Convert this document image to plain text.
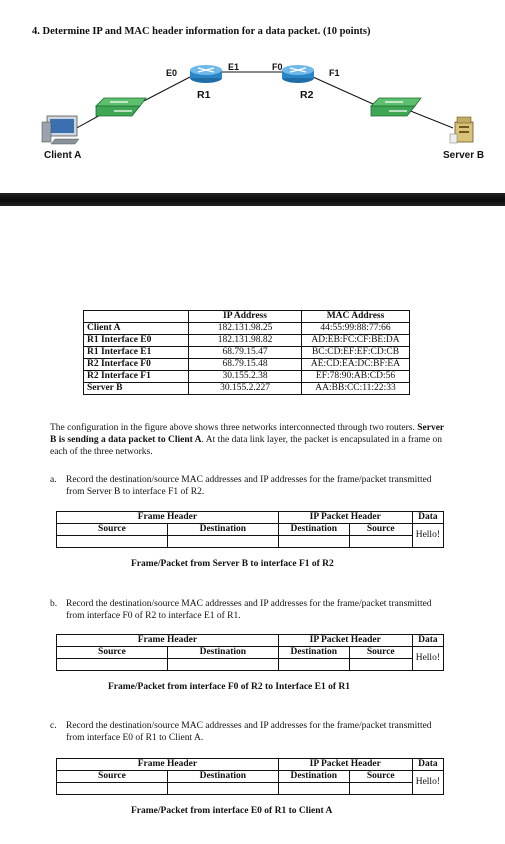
4. Determine IP and MAC header information for a data packet. (10 points)
E0
E1	F0
F1
R1	R2
Client A	Server B
	IP Address	MAC Address
Client A	182.131.98.25	44:55:99:88:77:66
R1 Interface E0	182.131.98.82	AD:EB:FC:CF:BE:DA
R1 Interface E1	68.79.15.47	BC:CD:EF:EF:CD:CB
R2 Interface F0	68.79.15.48	AE:CD:EA:DC:BF:EA
R2 Interface F1	30.155.2.38	EF:78:90:AB:CD:56
Server B	30.155.2.227	AA:BB:CC:11:22:33
The configuration in the figure above shows three networks interconnected through two routers. Server B is sending a data packet to Client A. At the data link layer, the packet is encapsulated in a frame on each of the three networks.
a. Record the destination/source MAC addresses and IP addresses for the frame/packet transmitted from Server B to interface F1 of R2.
Frame Header		IP Packet Header		Data
Source	Destination	Destination	Source	Hello!

Frame/Packet from Server B to interface F1 of R2
b. Record the destination/source MAC addresses and IP addresses for the frame/packet transmitted from interface F0 of R2 to interface E1 of R1.
Frame Header		IP Packet Header		Data
Source	Destination	Destination	Source	Hello!

Frame/Packet from interface F0 of R2 to Interface E1 of R1
c. Record the destination/source MAC addresses and IP addresses for the frame/packet transmitted from interface E0 of R1 to Client A.
Frame Header		IP Packet Header		Data
Source	Destination	Destination	Source	Hello!

Frame/Packet from interface E0 of R1 to Client A
